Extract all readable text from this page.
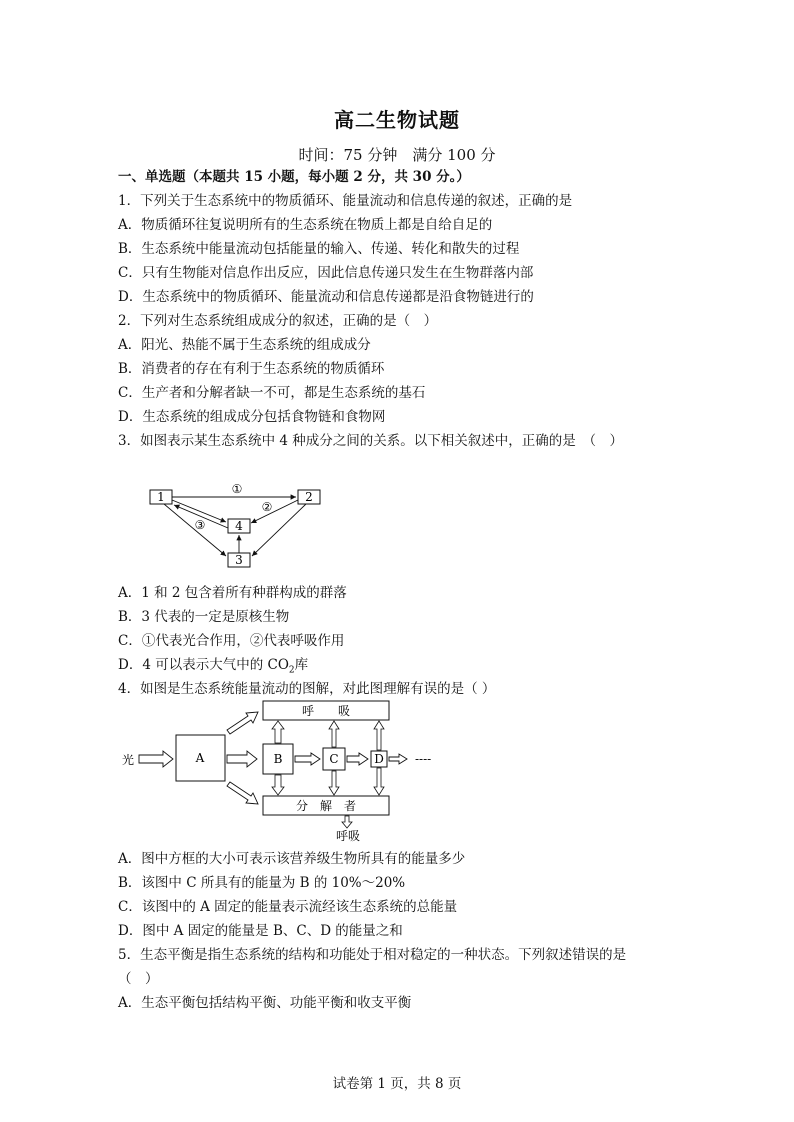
高二生物试题
时间：75 分钟　满分 100 分
一、单选题（本题共 15 小题，每小题 2 分，共 30 分。）
1．下列关于生态系统中的物质循环、能量流动和信息传递的叙述，正确的是
A．物质循环往复说明所有的生态系统在物质上都是自给自足的
B．生态系统中能量流动包括能量的输入、传递、转化和散失的过程
C．只有生物能对信息作出反应，因此信息传递只发生在生物群落内部
D．生态系统中的物质循环、能量流动和信息传递都是沿食物链进行的
2．下列对生态系统组成成分的叙述，正确的是（　）
A．阳光、热能不属于生态系统的组成成分
B．消费者的存在有利于生态系统的物质循环
C．生产者和分解者缺一不可，都是生态系统的基石
D．生态系统的组成成分包括食物链和食物网
3．如图表示某生态系统中 4 种成分之间的关系。以下相关叙述中，正确的是　（　）
1	2
4
3
①
②
③
A．1 和 2 包含着所有种群构成的群落
B．3 代表的一定是原核生物
C．①代表光合作用，②代表呼吸作用
D．4 可以表示大气中的 $CO_2$库
4．如图是生态系统能量流动的图解，对此图理解有误的是（ ）
呼　　吸
分　解　者
光	A	B	C	D	----
呼吸
A．图中方框的大小可表示该营养级生物所具有的能量多少
B．该图中 C 所具有的能量为 B 的 10%～20%
C．该图中的 A 固定的能量表示流经该生态系统的总能量
D．图中 A 固定的能量是 B、C、D 的能量之和
5．生态平衡是指生态系统的结构和功能处于相对稳定的一种状态。下列叙述错误的是
（　）
A．生态平衡包括结构平衡、功能平衡和收支平衡
试卷第 1 页，共 8 页
